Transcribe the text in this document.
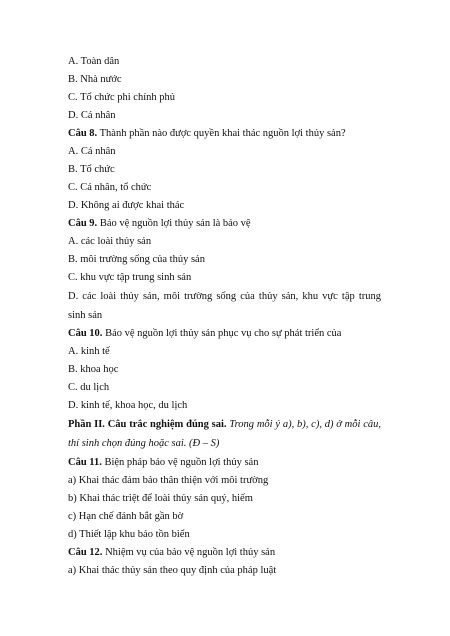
A. Toàn dân
B. Nhà nước
C. Tổ chức phi chính phủ
D. Cá nhân
Câu 8. Thành phần nào được quyền khai thác nguồn lợi thủy sản?
A. Cá nhân
B. Tổ chức
C. Cá nhân, tổ chức
D. Không ai được khai thác
Câu 9. Bảo vệ nguồn lợi thủy sản là bảo vệ
A. các loài thủy sản
B. môi trường sống của thủy sản
C. khu vực tập trung sinh sản
D. các loài thủy sản, môi trường sống của thủy sản, khu vực tập trung
sinh sản
Câu 10. Bảo vệ nguồn lợi thủy sản phục vụ cho sự phát triển của
A. kinh tế
B. khoa học
C. du lịch
D. kinh tế, khoa học, du lịch
Phần II. Câu trắc nghiệm đúng sai. Trong mỗi ý a), b), c), d) ở mỗi câu,
thí sinh chọn đúng hoặc sai. (Đ – S)
Câu 11. Biện pháp bảo vệ nguồn lợi thủy sản
a) Khai thác đảm bảo thân thiện với môi trường
b) Khai thác triệt để loài thủy sản quý, hiếm
c) Hạn chế đánh bắt gần bờ
d) Thiết lập khu bảo tồn biển
Câu 12. Nhiệm vụ của bảo vệ nguồn lợi thủy sản
a) Khai thác thủy sản theo quy định của pháp luật
